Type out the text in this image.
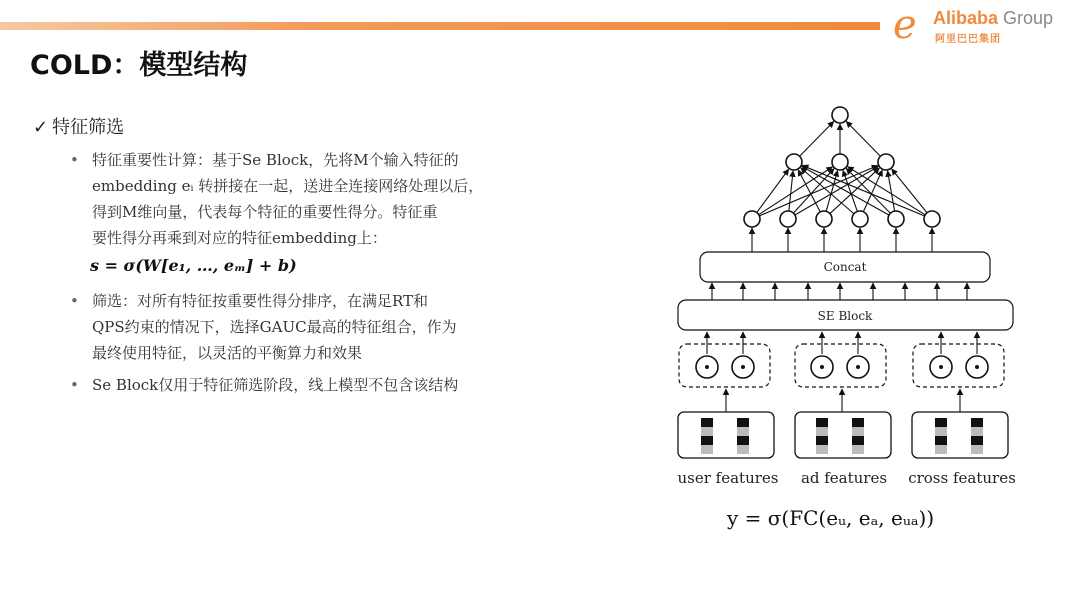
e Alibaba Group
阿里巴巴集团
COLD：模型结构
✓ 特征筛选
• 特征重要性计算：基于Se Block，先将M个输入特征的
embedding eᵢ 转拼接在一起，送进全连接网络处理以后，
得到M维向量，代表每个特征的重要性得分。特征重
要性得分再乘到对应的特征embedding上：
s = σ(W[e₁, …, eₘ] + b)
• 筛选：对所有特征按重要性得分排序，在满足RT和
QPS约束的情况下，选择GAUC最高的特征组合，作为
最终使用特征，以灵活的平衡算力和效果
• Se Block仅用于特征筛选阶段，线上模型不包含该结构
Concat
SE Block
user features ad features cross features
y = σ(FC(eᵤ, eₐ, eᵤₐ))
